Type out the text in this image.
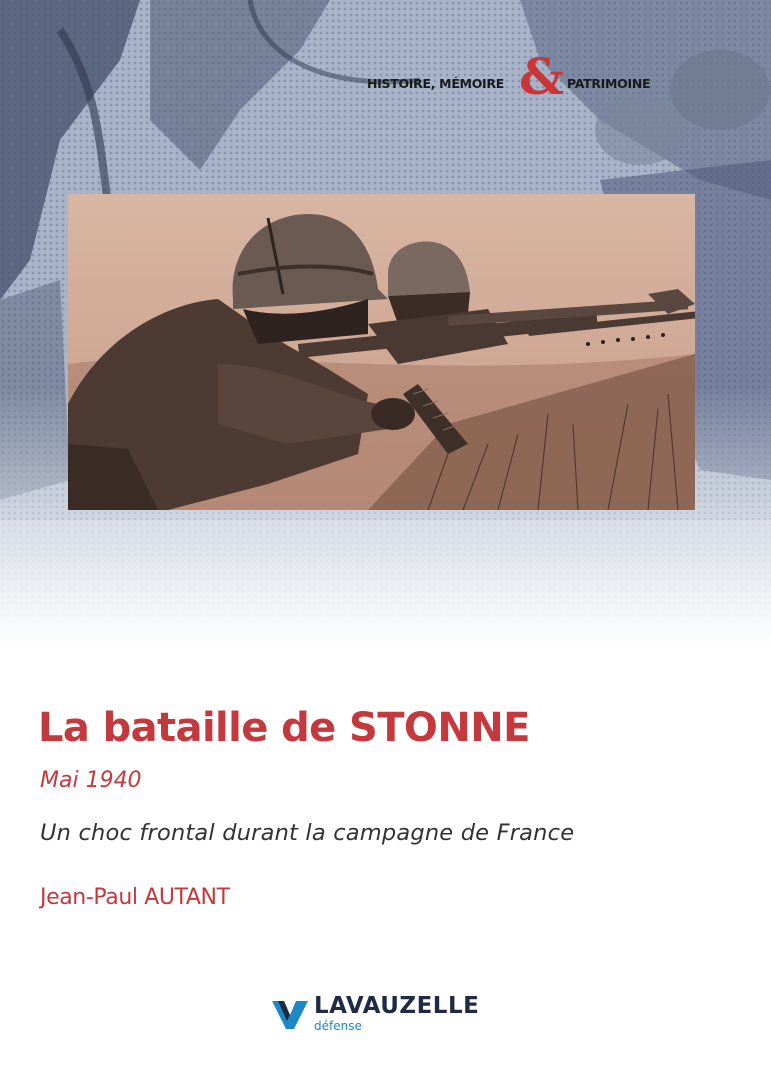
HISTOIRE, MÉMOIRE & PATRIMOINE
La bataille de STONNE
Mai 1940
Un choc frontal durant la campagne de France
Jean-Paul AUTANT
LAVAUZELLE
défense
